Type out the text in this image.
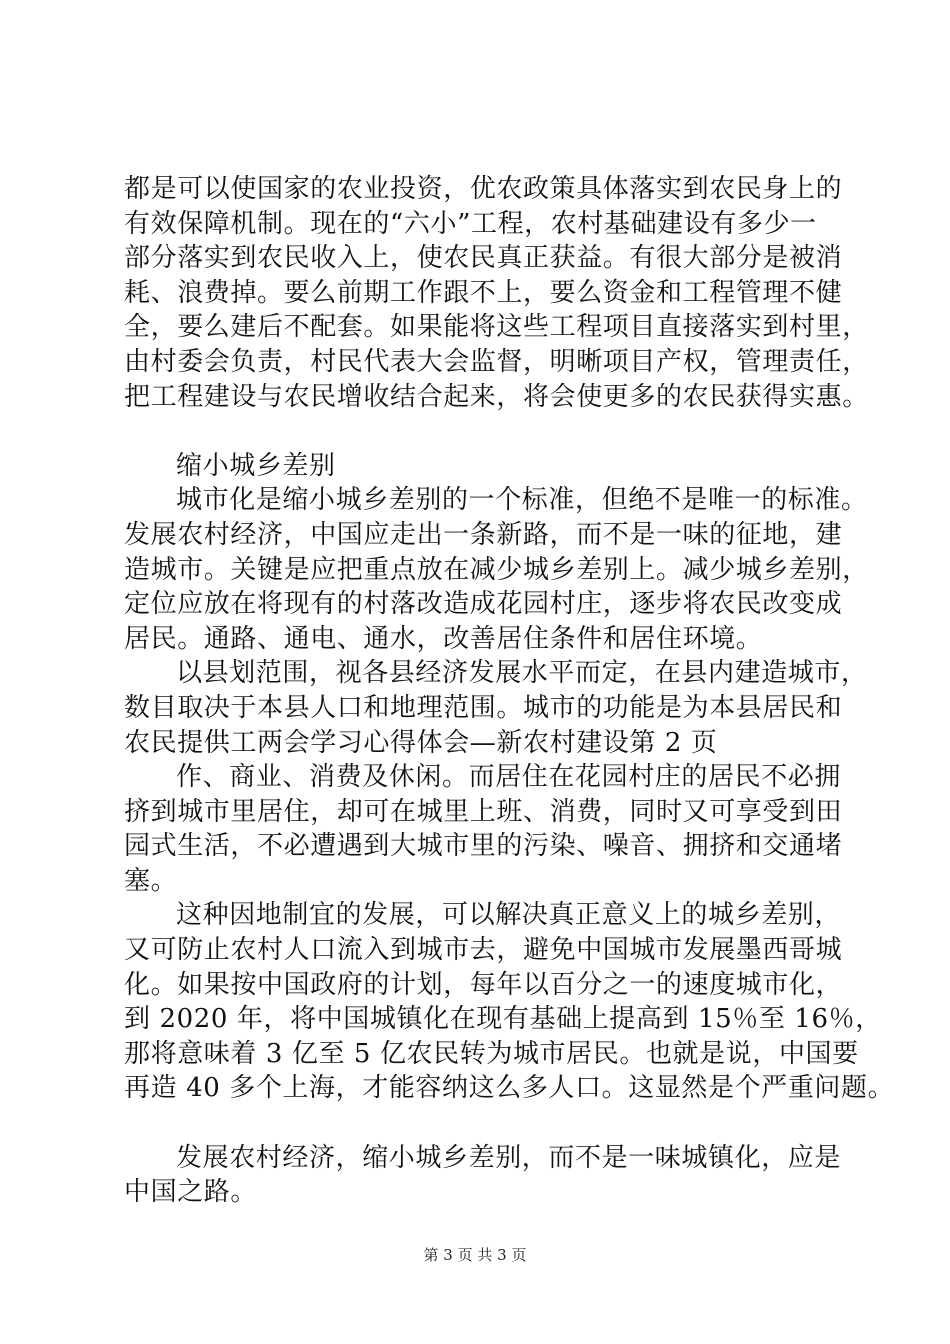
都是可以使国家的农业投资，优农政策具体落实到农民身上的
有效保障机制。现在的“六小”工程，农村基础建设有多少一
部分落实到农民收入上，使农民真正获益。有很大部分是被消
耗、浪费掉。要么前期工作跟不上，要么资金和工程管理不健
全，要么建后不配套。如果能将这些工程项目直接落实到村里，
由村委会负责，村民代表大会监督，明晰项目产权，管理责任，
把工程建设与农民增收结合起来，将会使更多的农民获得实惠。
缩小城乡差别
城市化是缩小城乡差别的一个标准，但绝不是唯一的标准。
发展农村经济，中国应走出一条新路，而不是一味的征地，建
造城市。关键是应把重点放在减少城乡差别上。减少城乡差别，
定位应放在将现有的村落改造成花园村庄，逐步将农民改变成
居民。通路、通电、通水，改善居住条件和居住环境。
以县划范围，视各县经济发展水平而定，在县内建造城市，
数目取决于本县人口和地理范围。城市的功能是为本县居民和
农民提供工两会学习心得体会—新农村建设第 2 页
作、商业、消费及休闲。而居住在花园村庄的居民不必拥
挤到城市里居住，却可在城里上班、消费，同时又可享受到田
园式生活，不必遭遇到大城市里的污染、噪音、拥挤和交通堵
塞。
这种因地制宜的发展，可以解决真正意义上的城乡差别，
又可防止农村人口流入到城市去，避免中国城市发展墨西哥城
化。如果按中国政府的计划，每年以百分之一的速度城市化，
到 2020 年，将中国城镇化在现有基础上提高到 15％至 16％，
那将意味着 3 亿至 5 亿农民转为城市居民。也就是说，中国要
再造 40 多个上海，才能容纳这么多人口。这显然是个严重问题。
发展农村经济，缩小城乡差别，而不是一味城镇化，应是
中国之路。
第 3 页 共 3 页
